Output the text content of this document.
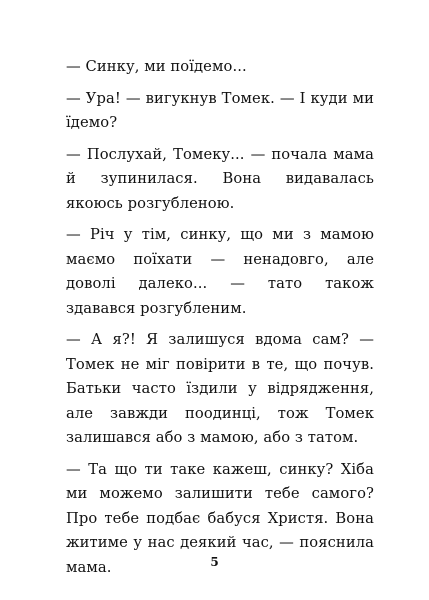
— Синку, ми поїдемо...

— Ура! — вигукнув Томек. — І куди ми їдемо?

— Послухай, Томеку... — почала мама й зупинилася. Вона видавалась якоюсь розгубленою.

— Річ у тім, синку, що ми з мамою маємо поїхати — ненадовго, але доволі далеко... — тато також здавався розгубленим.

— А я?! Я залишуся вдома сам? — Томек не міг повірити в те, що почув. Батьки часто їздили у відрядження, але завжди поодинці, тож Томек залишався або з мамою, або з татом.

— Та що ти таке кажеш, синку? Хіба ми можемо залишити тебе самого? Про тебе подбає бабуся Христя. Вона житиме у нас деякий час, — пояснила мама.	5
